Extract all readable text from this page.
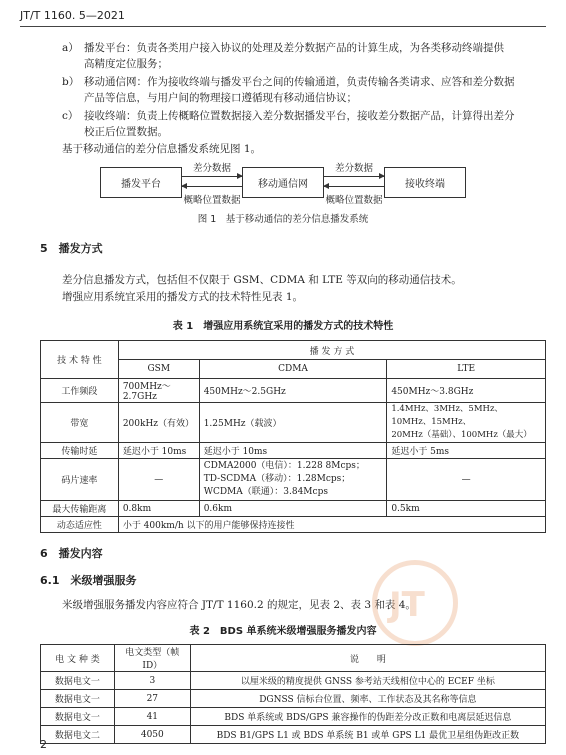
JT/T 1160. 5—2021
a） 播发平台：负责各类用户接入协议的处理及差分数据产品的计算生成，为各类移动终端提供
高精度定位服务；
b） 移动通信网：作为接收终端与播发平台之间的传输通道，负责传输各类请求、应答和差分数据
产品等信息，与用户间的物理接口遵循现有移动通信协议；
c） 接收终端：负责上传概略位置数据接入差分数据播发平台，接收差分数据产品，计算得出差分
校正后位置数据。
基于移动通信的差分信息播发系统见图 1。
播发平台	移动通信网	接收终端
差分数据
概略位置数据
差分数据
概略位置数据
图 1　基于移动通信的差分信息播发系统
5　播发方式
差分信息播发方式，包括但不仅限于 GSM、CDMA 和 LTE 等双向的移动通信技术。
增强应用系统宜采用的播发方式的技术特性见表 1。
表 1　增强应用系统宜采用的播发方式的技术特性
技 术 特 性	播 发 方 式		
	GSM	CDMA	LTE
工作频段	700MHz～2.7GHz	450MHz～2.5GHz	450MHz～3.8GHz
带宽	200kHz（有效）	1.25MHz（载波）	1.4MHz、3MHz、5MHz、10MHz、15MHz、
20MHz（基础）、100MHz（最大）

传输时延	延迟小于 10ms	延迟小于 10ms	延迟小于 5ms
码片速率	—	CDMA2000（电信）：1.228 8Mcps；
TD-SCDMA（移动）：1.28Mcps；
WCDMA（联通）：3.84Mcps	—
最大传输距离	0.8km	0.6km	0.5km
动态适应性	小于 400km/h 以下的用户能够保持连接性		
6　播发内容
6.1　米级增强服务
米级增强服务播发内容应符合 JT/T 1160.2 的规定，见表 2、表 3 和表 4。
JT
表 2　BDS 单系统米级增强服务播发内容
电 文 种 类	电文类型（帧 ID）	说　　明
数据电文一	3	以厘米级的精度提供 GNSS 参考站天线相位中心的 ECEF 坐标
数据电文一	27	DGNSS 信标台位置、频率、工作状态及其名称等信息
数据电文一	41	BDS 单系统或 BDS/GPS 兼容操作的伪距差分改正数和电离层延迟信息
数据电文二	4050	BDS B1/GPS L1 或 BDS 单系统 B1 或单 GPS L1 最优卫星组伪距改正数
2
